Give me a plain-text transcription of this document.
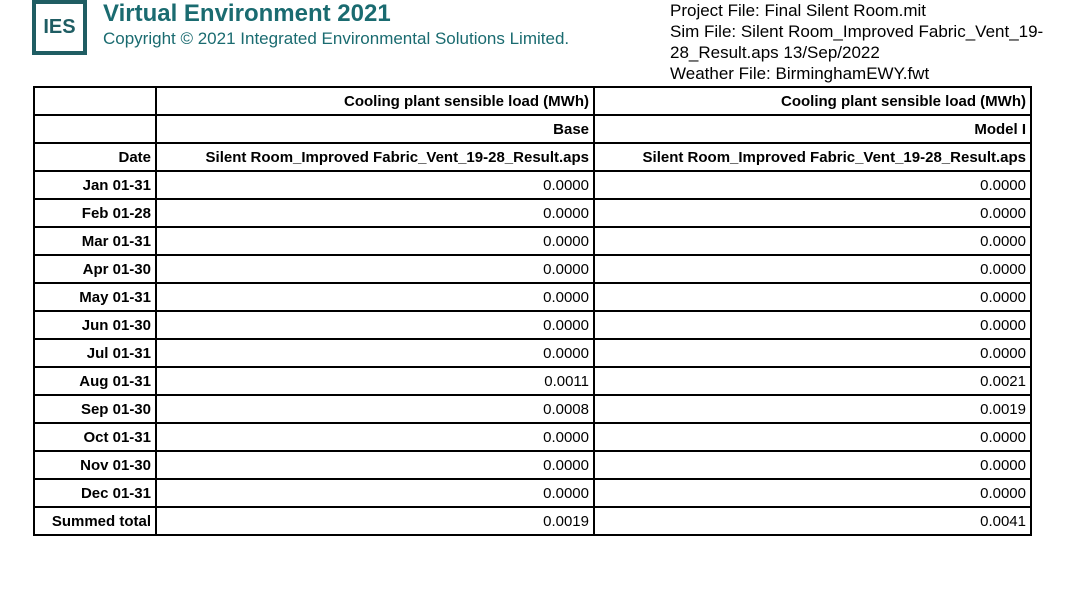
IES	Virtual Environment 2021
Copyright © 2021 Integrated Environmental Solutions Limited.
Project File: Final Silent Room.mit
Sim File: Silent Room_Improved Fabric_Vent_19-
28_Result.aps 13/Sep/2022
Weather File: BirminghamEWY.fwt
	Cooling plant sensible load (MWh)	Cooling plant sensible load (MWh)
	Base	Model I
Date	Silent Room_Improved Fabric_Vent_19-28_Result.aps	Silent Room_Improved Fabric_Vent_19-28_Result.aps
Jan 01-31	0.0000	0.0000
Feb 01-28	0.0000	0.0000
Mar 01-31	0.0000	0.0000
Apr 01-30	0.0000	0.0000
May 01-31	0.0000	0.0000
Jun 01-30	0.0000	0.0000
Jul 01-31	0.0000	0.0000
Aug 01-31	0.0011	0.0021
Sep 01-30	0.0008	0.0019
Oct 01-31	0.0000	0.0000
Nov 01-30	0.0000	0.0000
Dec 01-31	0.0000	0.0000
Summed total	0.0019	0.0041
